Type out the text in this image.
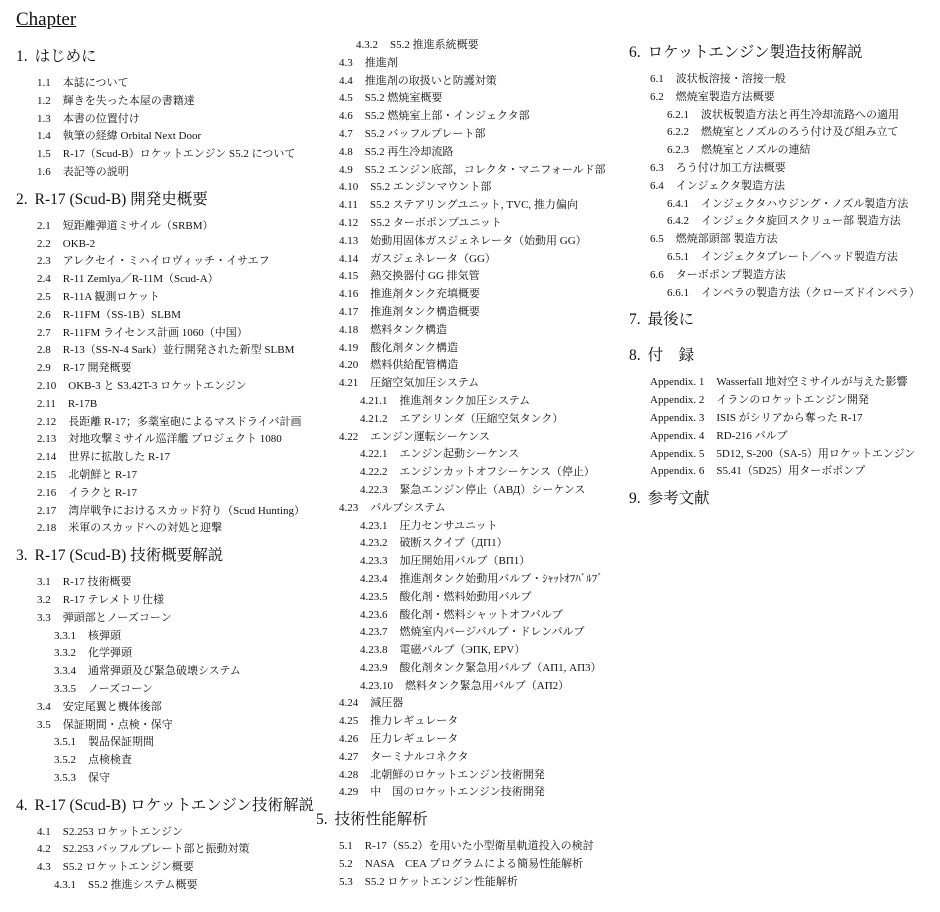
Chapter
1. はじめに
1.1 本誌について
1.2 輝きを失った本屋の書籍達
1.3 本書の位置付け
1.4 執筆の経緯 Orbital Next Door
1.5 R-17（Scud-B）ロケットエンジン S5.2 について
1.6 表記等の説明
2. R-17 (Scud-B) 開発史概要
2.1 短距離弾道ミサイル（SRBM）
2.2 OKB-2
2.3 アレクセイ・ミハイロヴィッチ・イサエフ
2.4 R-11 Zemlya／R-11M（Scud-A）
2.5 R-11A 観測ロケット
2.6 R-11FM（SS-1B）SLBM
2.7 R-11FM ライセンス計画 1060（中国）
2.8 R-13（SS-N-4 Sark）並行開発された新型 SLBM
2.9 R-17 開発概要
2.10 OKB-3 と S3.42T-3 ロケットエンジン
2.11 R-17B
2.12 長距離 R-17；多薬室砲によるマスドライバ計画
2.13 対地攻撃ミサイル巡洋艦 プロジェクト 1080
2.14 世界に拡散した R-17
2.15 北朝鮮と R-17
2.16 イラクと R-17
2.17 湾岸戦争におけるスカッド狩り（Scud Hunting）
2.18 米軍のスカッドへの対処と迎撃
3. R-17 (Scud-B) 技術概要解説
3.1 R-17 技術概要
3.2 R-17 テレメトリ仕様
3.3 弾頭部とノーズコーン
3.3.1 核弾頭
3.3.2 化学弾頭
3.3.4 通常弾頭及び緊急破壊システム
3.3.5 ノーズコーン
3.4 安定尾翼と機体後部
3.5 保証期間・点検・保守
3.5.1 製品保証期間
3.5.2 点検検査
3.5.3 保守
4. R-17 (Scud-B) ロケットエンジン技術解説
4.1 S2.253 ロケットエンジン
4.2 S2.253 バッフルプレート部と振動対策
4.3 S5.2 ロケットエンジン概要
4.3.1 S5.2 推進システム概要
4.3.2 S5.2 推進系統概要
4.3 推進剤
4.4 推進剤の取扱いと防護対策
4.5 S5.2 燃焼室概要
4.6 S5.2 燃焼室上部・インジェクタ部
4.7 S5.2 バッフルプレート部
4.8 S5.2 再生冷却流路
4.9 S5.2 エンジン底部，コレクタ・マニフォールド部
4.10 S5.2 エンジンマウント部
4.11 S5.2 ステアリングユニット, TVC, 推力偏向
4.12 S5.2 ターボポンプユニット
4.13 始動用固体ガスジェネレータ（始動用 GG）
4.14 ガスジェネレータ（GG）
4.15 熱交換器付 GG 排気管
4.16 推進剤タンク充填概要
4.17 推進剤タンク構造概要
4.18 燃料タンク構造
4.19 酸化剤タンク構造
4.20 燃料供給配管構造
4.21 圧縮空気加圧システム
4.21.1 推進剤タンク加圧システム
4.21.2 エアシリンダ（圧縮空気タンク）
4.22 エンジン運転シーケンス
4.22.1 エンジン起動シーケンス
4.22.2 エンジンカットオフシーケンス（停止）
4.22.3 緊急エンジン停止（АВД）シーケンス
4.23 バルブシステム
4.23.1 圧力センサユニット
4.23.2 破断スクイブ（ДП1）
4.23.3 加圧開始用バルブ（ВП1）
4.23.4 推進剤タンク始動用バルブ・ｼｬｯﾄｵﾌﾊﾞﾙﾌﾞ
4.23.5 酸化剤・燃料始動用バルブ
4.23.6 酸化剤・燃料シャットオフバルブ
4.23.7 燃焼室内パージバルブ・ドレンバルブ
4.23.8 電磁バルブ（ЭПК, EPV）
4.23.9 酸化剤タンク緊急用バルブ（АП1, АП3）
4.23.10 燃料タンク緊急用バルブ（АП2）
4.24 減圧器
4.25 推力レギュレータ
4.26 圧力レギュレータ
4.27 ターミナルコネクタ
4.28 北朝鮮のロケットエンジン技術開発
4.29 中　国のロケットエンジン技術開発
5. 技術性能解析
5.1 R-17（S5.2）を用いた小型衛星軌道投入の検討
5.2 NASA　CEA プログラムによる簡易性能解析
5.3 S5.2 ロケットエンジン性能解析
6. ロケットエンジン製造技術解説
6.1 波状板溶接・溶接一般
6.2 燃焼室製造方法概要
6.2.1 波状板製造方法と再生冷却流路への適用
6.2.2 燃焼室とノズルのろう付け及び組み立て
6.2.3 燃焼室とノズルの連結
6.3 ろう付け加工方法概要
6.4 インジェクタ製造方法
6.4.1 インジェクタハウジング・ノズル製造方法
6.4.2 インジェクタ旋回スクリュー部 製造方法
6.5 燃焼部頭部 製造方法
6.5.1 インジェクタプレート／ヘッド製造方法
6.6 ターボポンプ製造方法
6.6.1 インペラの製造方法（クローズドインペラ）
7. 最後に
8. 付　録
Appendix. 1 Wasserfall 地対空ミサイルが与えた影響
Appendix. 2 イランのロケットエンジン開発
Appendix. 3 ISIS がシリアから奪った R-17
Appendix. 4 RD-216 バルブ
Appendix. 5 5D12, S-200（SA-5）用ロケットエンジン
Appendix. 6 S5.41（5D25）用ターボポンプ
9. 参考文献
